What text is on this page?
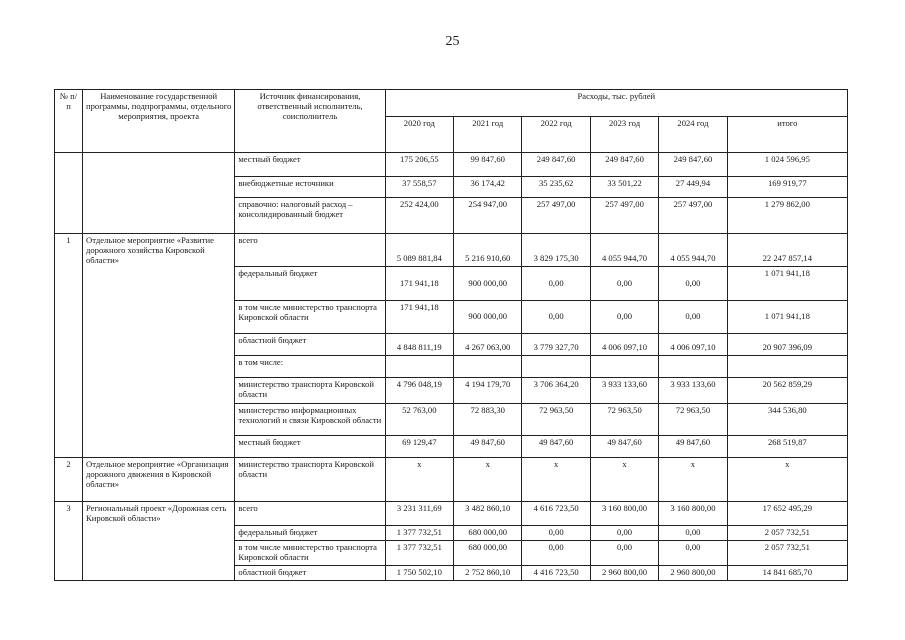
25
№ п/п	Наименование государственной программы, подпрограммы, отдельного мероприятия, проекта	Источник финансирования, ответственный исполнитель, соисполнитель	Расходы, тыс. рублей					
			2020 год	2021 год	2022 год	2023 год	2024 год	итого
		местный бюджет	175 206,55	99 847,60	249 847,60	249 847,60	249 847,60	1 024 596,95
		внебюджетные источники	37 558,57	36 174,42	35 235,62	33 501,22	27 449,94	169 919,77
		справочно: налоговый расход – консолидированный бюджет	252 424,00	254 947,00	257 497,00	257 497,00	257 497,00	1 279 862,00
1	Отдельное мероприятие «Развитие дорожного хозяйства Кировской области»	всего	5 089 881,84	5 216 910,60	3 829 175,30	4 055 944,70	4 055 944,70	22 247 857,14
		федеральный бюджет	171 941,18	900 000,00	0,00	0,00	0,00	1 071 941,18
		в том числе министерство транспорта Кировской области	171 941,18	900 000,00	0,00	0,00	0,00	1 071 941,18
		областной бюджет	4 848 811,19	4 267 063,00	3 779 327,70	4 006 097,10	4 006 097,10	20 907 396,09
		в том числе:						
		министерство транспорта Кировской области	4 796 048,19	4 194 179,70	3 706 364,20	3 933 133,60	3 933 133,60	20 562 859,29
		министерство информационных технологий и связи Кировской области	52 763,00	72 883,30	72 963,50	72 963,50	72 963,50	344 536,80
		местный бюджет	69 129,47	49 847,60	49 847,60	49 847,60	49 847,60	268 519,87
2	Отдельное мероприятие «Организация дорожного движения в Кировской области»	министерство транспорта Кировской области	х	х	х	х	х	х
3	Региональный проект «Дорожная сеть Кировской области»	всего	3 231 311,69	3 482 860,10	4 616 723,50	3 160 800,00	3 160 800,00	17 652 495,29
		федеральный бюджет	1 377 732,51	680 000,00	0,00	0,00	0,00	2 057 732,51
		в том числе министерство транспорта Кировской области	1 377 732,51	680 000,00	0,00	0,00	0,00	2 057 732,51
		областной бюджет	1 750 502,10	2 752 860,10	4 416 723,50	2 960 800,00	2 960 800,00	14 841 685,70
